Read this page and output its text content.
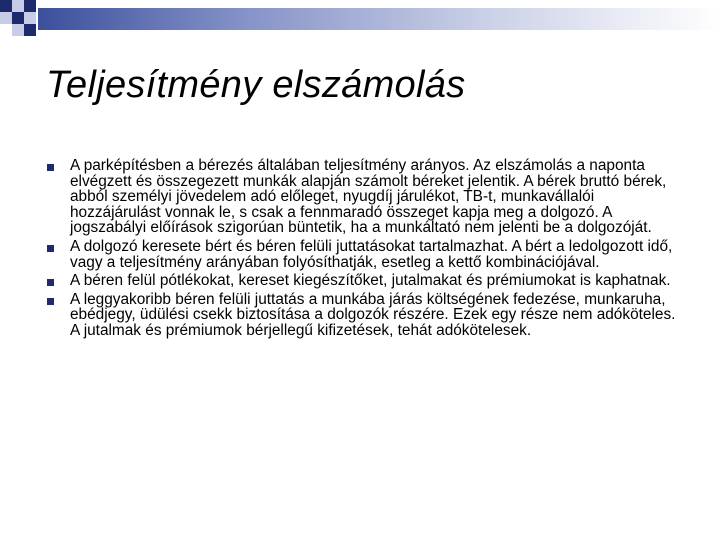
Teljesítmény elszámolás
A parképítésben a bérezés általában teljesítmény arányos. Az elszámolás a naponta elvégzett és összegezett munkák alapján számolt béreket jelentik. A bérek bruttó bérek, abból személyi jövedelem adó előleget, nyugdíj járulékot, TB-t, munkavállalói hozzájárulást vonnak le, s csak a fennmaradó összeget kapja meg a dolgozó. A jogszabályi előírások szigorúan büntetik, ha a munkáltató nem jelenti be a dolgozóját.
A dolgozó keresete bért és béren felüli juttatásokat tartalmazhat. A bért a ledolgozott idő, vagy a teljesítmény arányában folyósíthatják, esetleg a kettő kombinációjával.
A béren felül pótlékokat, kereset kiegészítőket, jutalmakat és prémiumokat is kaphatnak.
A leggyakoribb béren felüli juttatás a munkába járás költségének fedezése, munkaruha, ebédjegy, üdülési csekk biztosítása a dolgozók részére. Ezek egy része nem adóköteles. A jutalmak és prémiumok bérjellegű kifizetések, tehát adókötelesek.
